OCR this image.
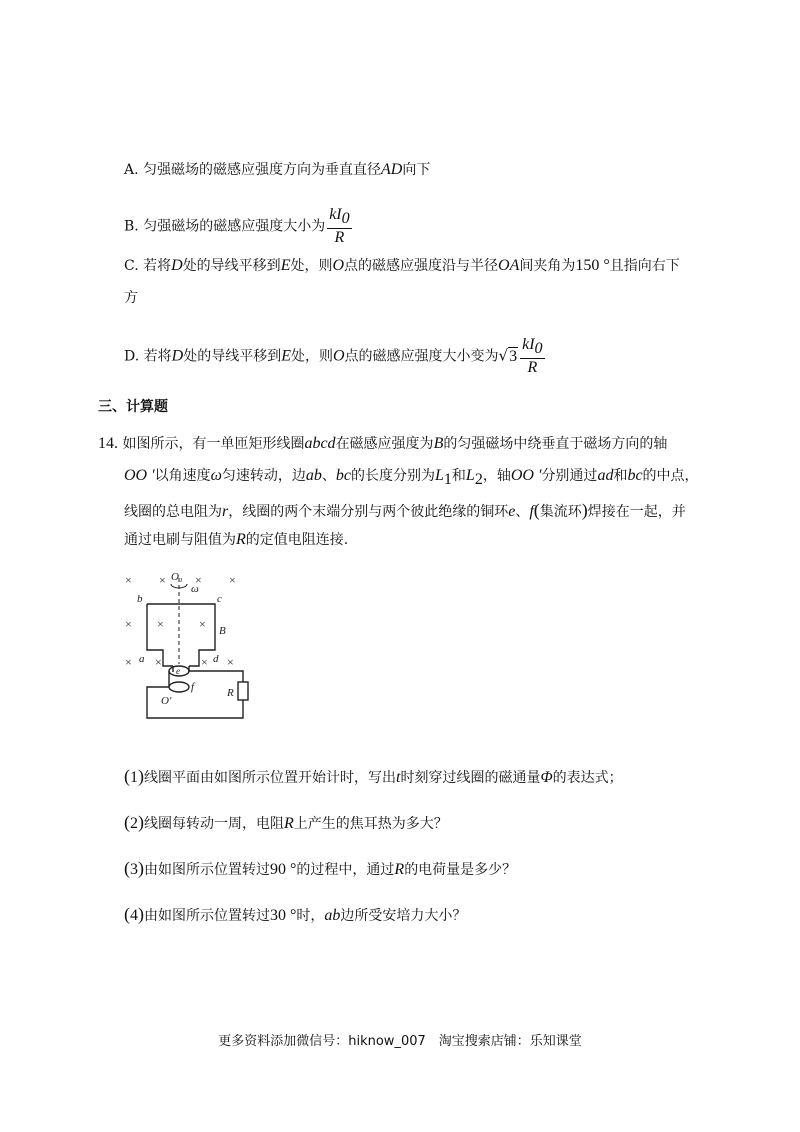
A. 匀强磁场的磁感应强度方向为垂直直径AD向下
B. 匀强磁场的磁感应强度大小为 $\frac{kI_0}{R}$
C. 若将D处的导线平移到E处，则O点的磁感应强度沿与半径OA间夹角为150 °且指向右下
方
D. 若将D处的导线平移到E处，则O点的磁感应强度大小变为$√3 \frac{kI_0}{R}$
三、计算题
14. 如图所示，有一单匝矩形线圈abcd在磁感应强度为B的匀强磁场中绕垂直于磁场方向的轴
OO ′以角速度ω匀速转动，边ab、bc的长度分别为$L_1$和$L_2$，轴OO ′分别通过ad和bc的中点，
线圈的总电阻为r，线圈的两个末端分别与两个彼此绝缘的铜环e、f(集流环)焊接在一起，并
通过电刷与阻值为R的定值电阻连接.
× × × ×
× ×	×
× ×	× ×
O₁
ω
b	c
B
a	d
e
f	R
O′
(1)线圈平面由如图所示位置开始计时，写出t时刻穿过线圈的磁通量Φ的表达式；
(2)线圈每转动一周，电阻R上产生的焦耳热为多大？
(3)由如图所示位置转过90 °的过程中，通过R的电荷量是多少？
(4)由如图所示位置转过30 °时，ab边所受安培力大小？
更多资料添加微信号：hiknow_007　淘宝搜索店铺：乐知课堂
